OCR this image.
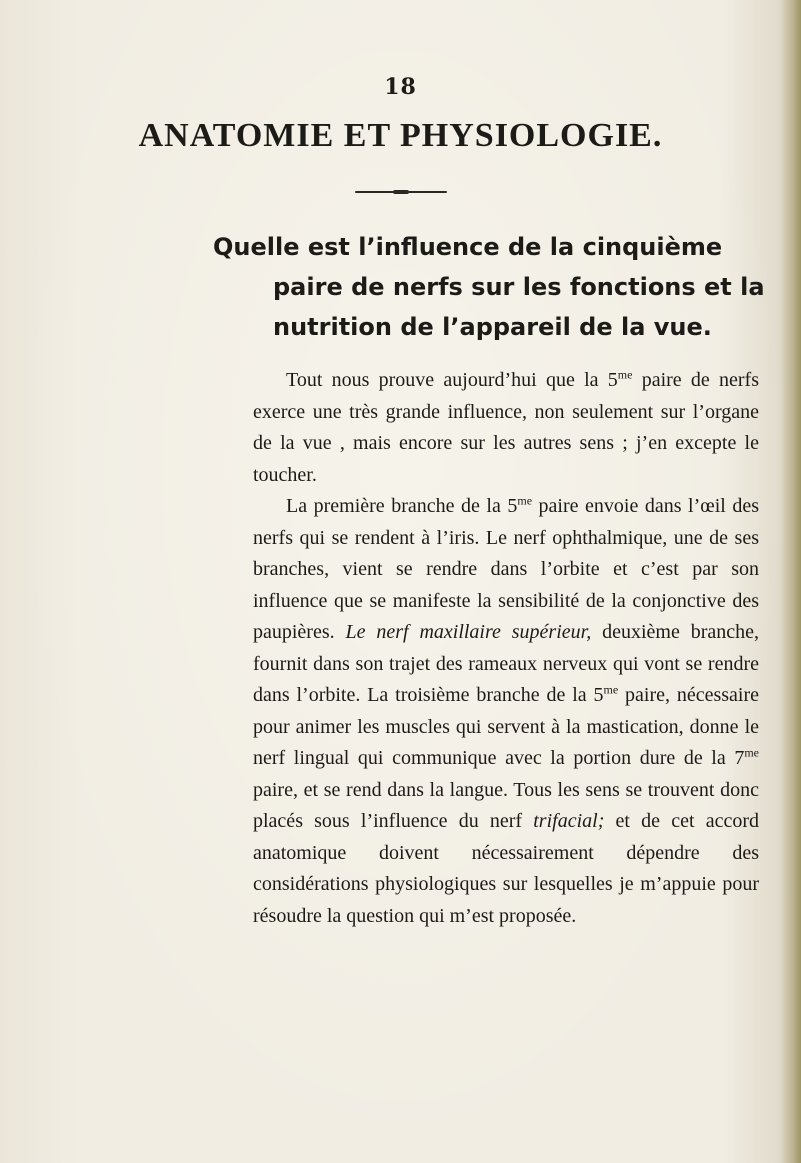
18
ANATOMIE ET PHYSIOLOGIE.
Quelle est l’influence de la cinquième
paire de nerfs sur les fonctions et la
nutrition de l’appareil de la vue.

Tout nous prouve aujourd’hui que la $5^{me}$ paire de nerfs exerce une très grande influence, non seulement sur l’organe de la vue , mais encore sur les autres sens ; j’en excepte le toucher.

La première branche de la $5^{me}$ paire envoie dans l’œil des nerfs qui se rendent à l’iris. Le nerf ophthalmique, une de ses branches, vient se rendre dans l’orbite et c’est par son influence que se manifeste la sensibilité de la conjonctive des paupières. Le nerf maxillaire supérieur, deuxième branche, fournit dans son trajet des rameaux nerveux qui vont se rendre dans l’orbite. La troisième branche de la $5^{me}$ paire, nécessaire pour animer les muscles qui servent à la mastication, donne le nerf lingual qui communique avec la portion dure de la $7^{me}$ paire, et se rend dans la langue. Tous les sens se trouvent donc placés sous l’influence du nerf trifacial; et de cet accord anatomique doivent nécessairement dépendre des considérations physiologiques sur lesquelles je m’appuie pour résoudre la question qui m’est proposée.
